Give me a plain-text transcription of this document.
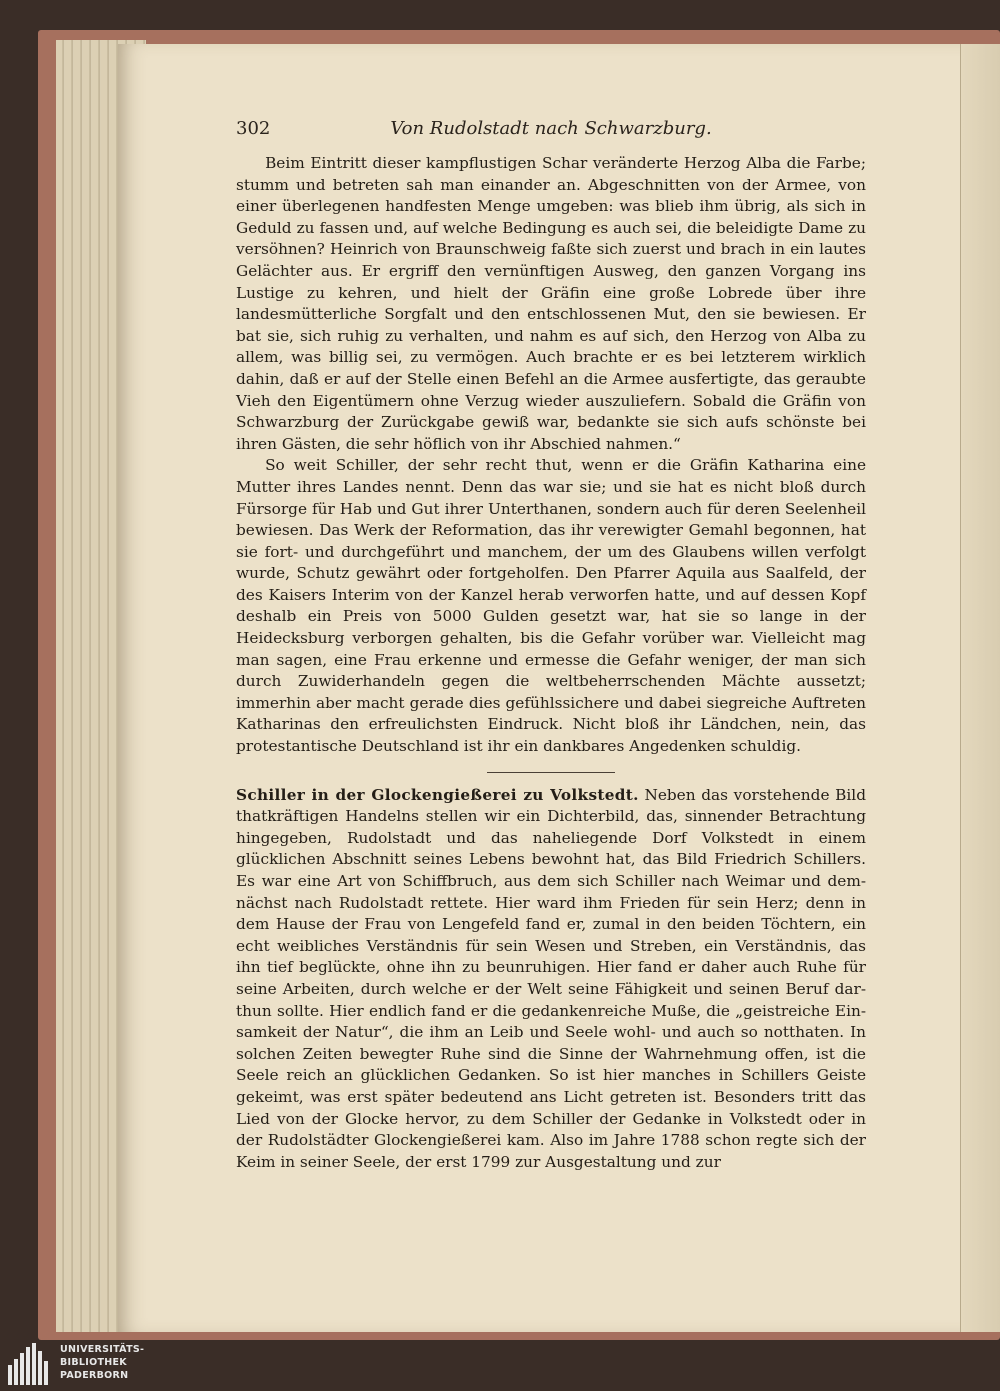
302	Von Rudolstadt nach Schwarzburg.

Beim Eintritt dieser kampflustigen Schar veränderte Herzog Alba die Farbe; stumm und betreten sah man einander an. Abgeschnitten von der Armee, von einer überlegenen handfesten Menge umgeben: was blieb ihm übrig, als sich in Geduld zu fassen und, auf welche Bedingung es auch sei, die beleidigte Dame zu versöhnen? Heinrich von Braunschweig faßte sich zuerst und brach in ein lautes Gelächter aus. Er ergriff den vernünftigen Ausweg, den ganzen Vorgang ins Lustige zu kehren, und hielt der Gräfin eine große Lobrede über ihre landesmütterliche Sorgfalt und den entschlossenen Mut, den sie bewiesen. Er bat sie, sich ruhig zu verhalten, und nahm es auf sich, den Herzog von Alba zu allem, was billig sei, zu vermögen. Auch brachte er es bei letzterem wirklich dahin, daß er auf der Stelle einen Befehl an die Armee ausfertigte, das geraubte Vieh den Eigentümern ohne Verzug wieder auszuliefern. Sobald die Gräfin von Schwarzburg der Zurückgabe gewiß war, bedankte sie sich aufs schönste bei ihren Gästen, die sehr höflich von ihr Abschied nahmen.“

So weit Schiller, der sehr recht thut, wenn er die Gräfin Katharina eine Mutter ihres Landes nennt. Denn das war sie; und sie hat es nicht bloß durch Fürsorge für Hab und Gut ihrer Unterthanen, sondern auch für deren Seelenheil bewiesen. Das Werk der Reformation, das ihr verewigter Gemahl begonnen, hat sie fort- und durchgeführt und manchem, der um des Glaubens willen verfolgt wurde, Schutz gewährt oder fortgeholfen. Den Pfarrer Aquila aus Saalfeld, der des Kaisers Interim von der Kanzel herab verworfen hatte, und auf dessen Kopf deshalb ein Preis von 5000 Gulden gesetzt war, hat sie so lange in der Heidecksburg verborgen gehalten, bis die Gefahr vorüber war. Vielleicht mag man sagen, eine Frau erkenne und ermesse die Gefahr weniger, der man sich durch Zuwiderhandeln gegen die weltbeherrschenden Mächte aussetzt; immerhin aber macht gerade dies gefühlssichere und dabei siegreiche Auftreten Katharinas den erfreulichsten Eindruck. Nicht bloß ihr Ländchen, nein, das protestantische Deutschland ist ihr ein dankbares Angedenken schuldig.

Schiller in der Glockengießerei zu Volkstedt. Neben das vorstehende Bild thatkräftigen Handelns stellen wir ein Dichterbild, das, sinnender Betrachtung hingegeben, Rudolstadt und das naheliegende Dorf Volkstedt in einem glücklichen Abschnitt seines Lebens bewohnt hat, das Bild Friedrich Schillers. Es war eine Art von Schiffbruch, aus dem sich Schiller nach Weimar und demnächst nach Rudolstadt rettete. Hier ward ihm Frieden für sein Herz; denn in dem Hause der Frau von Lengefeld fand er, zumal in den beiden Töchtern, ein echt weibliches Verständnis für sein Wesen und Streben, ein Verständnis, das ihn tief beglückte, ohne ihn zu beunruhigen. Hier fand er daher auch Ruhe für seine Arbeiten, durch welche er der Welt seine Fähigkeit und seinen Beruf darthun sollte. Hier endlich fand er die gedankenreiche Muße, die „geistreiche Einsamkeit der Natur“, die ihm an Leib und Seele wohl- und auch so notthaten. In solchen Zeiten bewegter Ruhe sind die Sinne der Wahrnehmung offen, ist die Seele reich an glücklichen Gedanken. So ist hier manches in Schillers Geiste gekeimt, was erst später bedeutend ans Licht getreten ist. Besonders tritt das Lied von der Glocke hervor, zu dem Schiller der Gedanke in Volkstedt oder in der Rudolstädter Glockengießerei kam. Also im Jahre 1788 schon regte sich der Keim in seiner Seele, der erst 1799 zur Ausgestaltung und zur

UNIVERSITÄTS-
BIBLIOTHEK
PADERBORN
